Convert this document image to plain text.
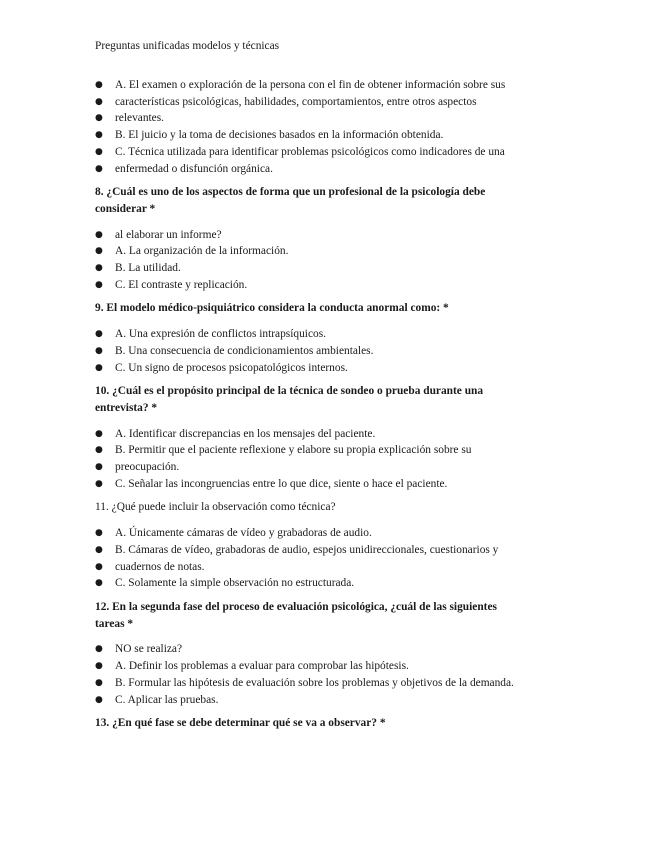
Preguntas unificadas modelos y técnicas
●	A. El examen o exploración de la persona con el fin de obtener información sobre sus
●	características psicológicas, habilidades, comportamientos, entre otros aspectos
●	relevantes.
●	B. El juicio y la toma de decisiones basados en la información obtenida.
●	C. Técnica utilizada para identificar problemas psicológicos como indicadores de una
●	enfermedad o disfunción orgánica.
8. ¿Cuál es uno de los aspectos de forma que un profesional de la psicología debe
considerar *
●	al elaborar un informe?
●	A. La organización de la información.
●	B. La utilidad.
●	C. El contraste y replicación.
9. El modelo médico-psiquiátrico considera la conducta anormal como: *
●	A. Una expresión de conflictos intrapsíquicos.
●	B. Una consecuencia de condicionamientos ambientales.
●	C. Un signo de procesos psicopatológicos internos.
10. ¿Cuál es el propósito principal de la técnica de sondeo o prueba durante una
entrevista? *
●	A. Identificar discrepancias en los mensajes del paciente.
●	B. Permitir que el paciente reflexione y elabore su propia explicación sobre su
●	preocupación.
●	C. Señalar las incongruencias entre lo que dice, siente o hace el paciente.
11. ¿Qué puede incluir la observación como técnica?
●	A. Únicamente cámaras de vídeo y grabadoras de audio.
●	B. Cámaras de vídeo, grabadoras de audio, espejos unidireccionales, cuestionarios y
●	cuadernos de notas.
●	C. Solamente la simple observación no estructurada.
12. En la segunda fase del proceso de evaluación psicológica, ¿cuál de las siguientes
tareas *
●	NO se realiza?
●	A. Definir los problemas a evaluar para comprobar las hipótesis.
●	B. Formular las hipótesis de evaluación sobre los problemas y objetivos de la demanda.
●	C. Aplicar las pruebas.
13. ¿En qué fase se debe determinar qué se va a observar? *
